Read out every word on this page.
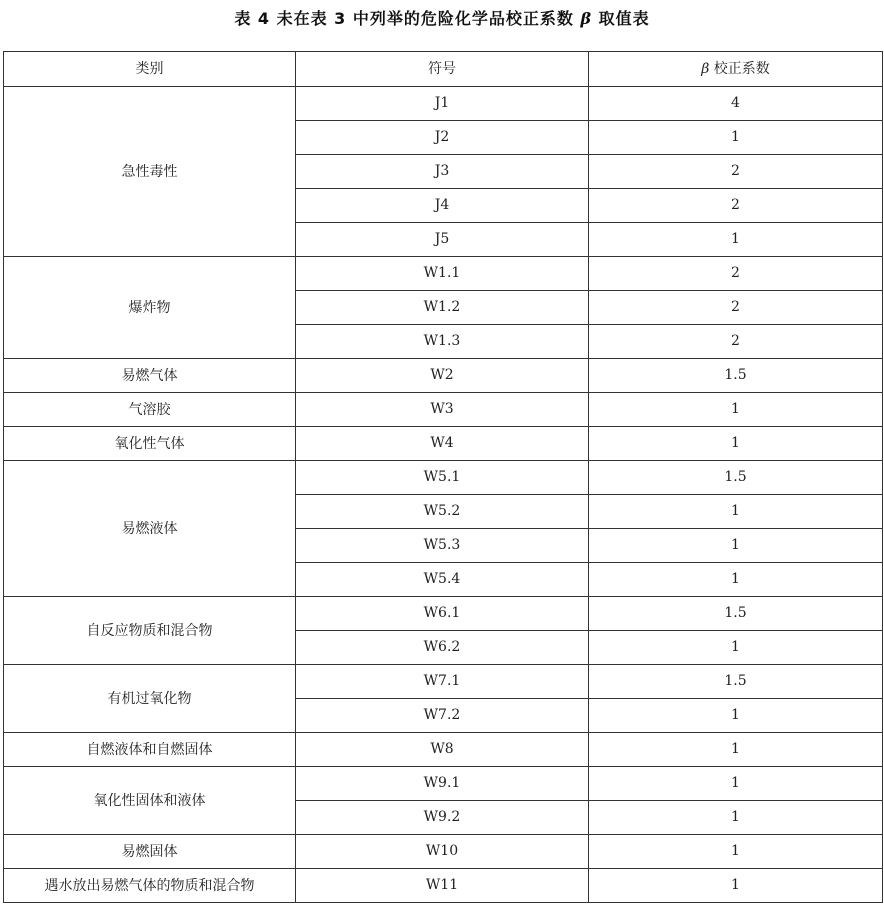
表 4 未在表 3 中列举的危险化学品校正系数 β 取值表
类别	符号	β 校正系数
急性毒性	J1	4
	J2	1
	J3	2
	J4	2
	J5	1
爆炸物	W1.1	2
	W1.2	2
	W1.3	2
易燃气体	W2	1.5
气溶胶	W3	1
氧化性气体	W4	1
易燃液体	W5.1	1.5
	W5.2	1
	W5.3	1
	W5.4	1
自反应物质和混合物	W6.1	1.5
	W6.2	1
有机过氧化物	W7.1	1.5
	W7.2	1
自燃液体和自燃固体	W8	1
氧化性固体和液体	W9.1	1
	W9.2	1
易燃固体	W10	1
遇水放出易燃气体的物质和混合物	W11	1
